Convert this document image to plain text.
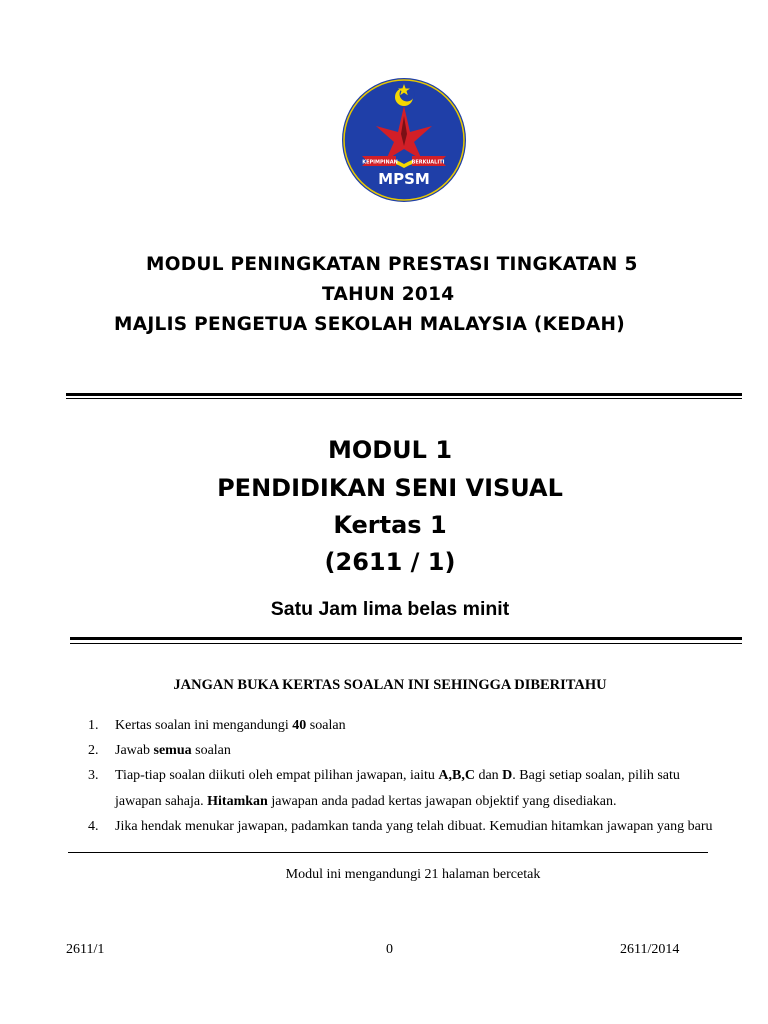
KEPIMPINAN	BERKUALITI
MPSM
MODUL PENINGKATAN PRESTASI TINGKATAN 5
TAHUN 2014
MAJLIS PENGETUA SEKOLAH MALAYSIA (KEDAH)
MODUL 1
PENDIDIKAN SENI VISUAL
Kertas 1
(2611 / 1)
Satu Jam lima belas minit
JANGAN BUKA KERTAS SOALAN INI SEHINGGA DIBERITAHU
1. Kertas soalan ini mengandungi 40 soalan
2. Jawab semua soalan
3. Tiap-tiap soalan diikuti oleh empat pilihan jawapan, iaitu A,B,C dan D. Bagi setiap soalan, pilih satu
jawapan sahaja. Hitamkan jawapan anda padad kertas jawapan objektif yang disediakan.
4. Jika hendak menukar jawapan, padamkan tanda yang telah dibuat. Kemudian hitamkan jawapan yang baru
Modul ini mengandungi 21 halaman bercetak
2611/1	0	2611/2014
